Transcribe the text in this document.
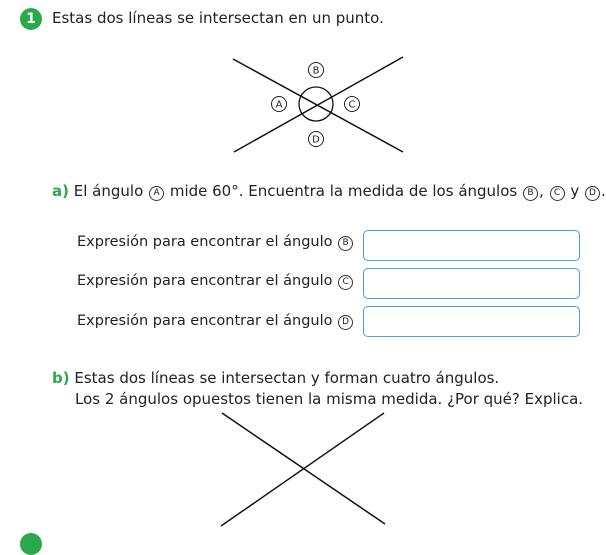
1 Estas dos líneas se intersectan en un punto.
B
A	C
D
a) El ángulo A mide 60°. Encuentra la medida de los ángulos B , C y D .
Expresión para encontrar el ángulo B
Expresión para encontrar el ángulo C
Expresión para encontrar el ángulo D
b) Estas dos líneas se intersectan y forman cuatro ángulos.
Los 2 ángulos opuestos tienen la misma medida. ¿Por qué? Explica.
